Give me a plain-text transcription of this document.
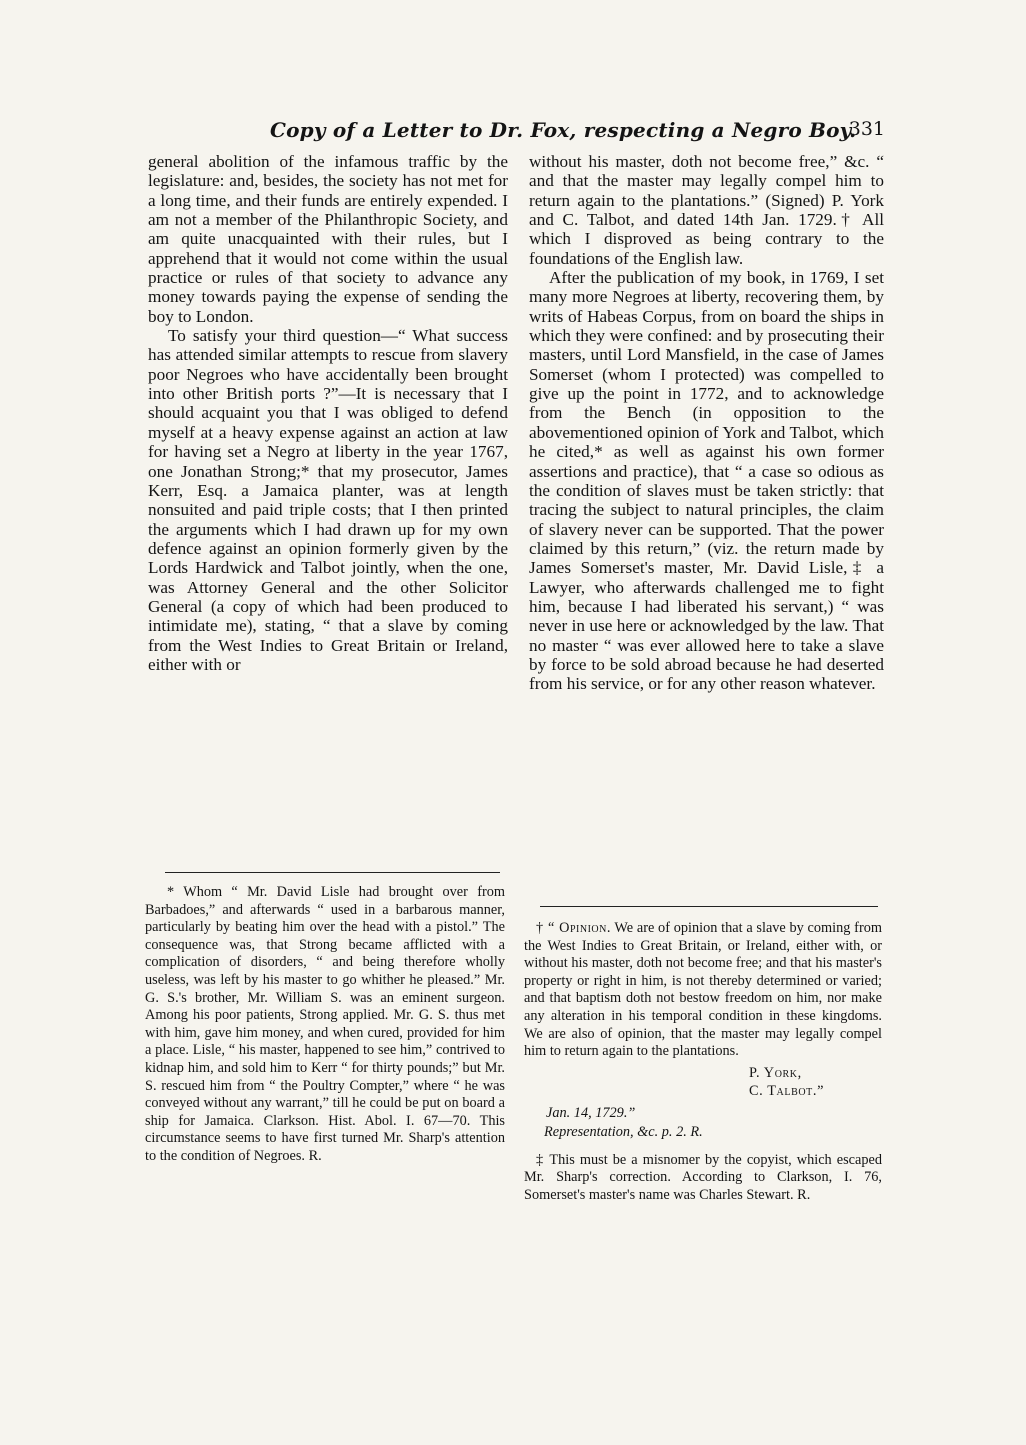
Copy of a Letter to Dr. Fox, respecting a Negro Boy.
331

general abolition of the infamous traffic by the legislature: and, besides, the society has not met for a long time, and their funds are entirely expended. I am not a member of the Philanthropic Society, and am quite unacquainted with their rules, but I apprehend that it would not come within the usual practice or rules of that society to advance any money towards paying the expense of sending the boy to London.

To satisfy your third question—“ What success has attended similar attempts to rescue from slavery poor Negroes who have accidentally been brought into other British ports ?”—It is necessary that I should acquaint you that I was obliged to defend myself at a heavy expense against an action at law for having set a Negro at liberty in the year 1767, one Jonathan Strong;* that my prosecutor, James Kerr, Esq. a Jamaica planter, was at length nonsuited and paid triple costs; that I then printed the arguments which I had drawn up for my own defence against an opinion formerly given by the Lords Hardwick and Talbot jointly, when the one, was Attorney General and the other Solicitor General (a copy of which had been produced to intimidate me), stating, “ that a slave by coming from the West Indies to Great Britain or Ireland, either with or

without his master, doth not become free,” &c. “ and that the master may legally compel him to return again to the plantations.” (Signed) P. York and C. Talbot, and dated 14th Jan. 1729.† All which I disproved as being contrary to the foundations of the English law.

After the publication of my book, in 1769, I set many more Negroes at liberty, recovering them, by writs of Habeas Corpus, from on board the ships in which they were confined: and by prosecuting their masters, until Lord Mansfield, in the case of James Somerset (whom I protected) was compelled to give up the point in 1772, and to acknowledge from the Bench (in opposition to the abovementioned opinion of York and Talbot, which he cited,* as well as against his own former assertions and practice), that “ a case so odious as the condition of slaves must be taken strictly: that tracing the subject to natural principles, the claim of slavery never can be supported. That the power claimed by this return,” (viz. the return made by James Somerset's master, Mr. David Lisle,‡ a Lawyer, who afterwards challenged me to fight him, because I had liberated his servant,) “ was never in use here or acknowledged by the law. That no master “ was ever allowed here to take a slave by force to be sold abroad because he had deserted from his service, or for any other reason whatever.

* Whom “ Mr. David Lisle had brought over from Barbadoes,” and afterwards “ used in a barbarous manner, particularly by beating him over the head with a pistol.” The consequence was, that Strong became afflicted with a complication of disorders, “ and being therefore wholly useless, was left by his master to go whither he pleased.” Mr. G. S.'s brother, Mr. William S. was an eminent surgeon. Among his poor patients, Strong applied. Mr. G. S. thus met with him, gave him money, and when cured, provided for him a place. Lisle, “ his master, happened to see him,” contrived to kidnap him, and sold him to Kerr “ for thirty pounds;” but Mr. S. rescued him from “ the Poultry Compter,” where “ he was conveyed without any warrant,” till he could be put on board a ship for Jamaica. Clarkson. Hist. Abol. I. 67—70. This circumstance seems to have first turned Mr. Sharp's attention to the condition of Negroes. R.

† “ Opinion. We are of opinion that a slave by coming from the West Indies to Great Britain, or Ireland, either with, or without his master, doth not become free; and that his master's property or right in him, is not thereby determined or varied; and that baptism doth not bestow freedom on him, nor make any alteration in his temporal condition in these kingdoms. We are also of opinion, that the master may legally compel him to return again to the plantations.

P. York,
C. Talbot.”
Jan. 14, 1729.”
Representation, &c. p. 2. R.

‡ This must be a misnomer by the copyist, which escaped Mr. Sharp's correction. According to Clarkson, I. 76, Somerset's master's name was Charles Stewart. R.
